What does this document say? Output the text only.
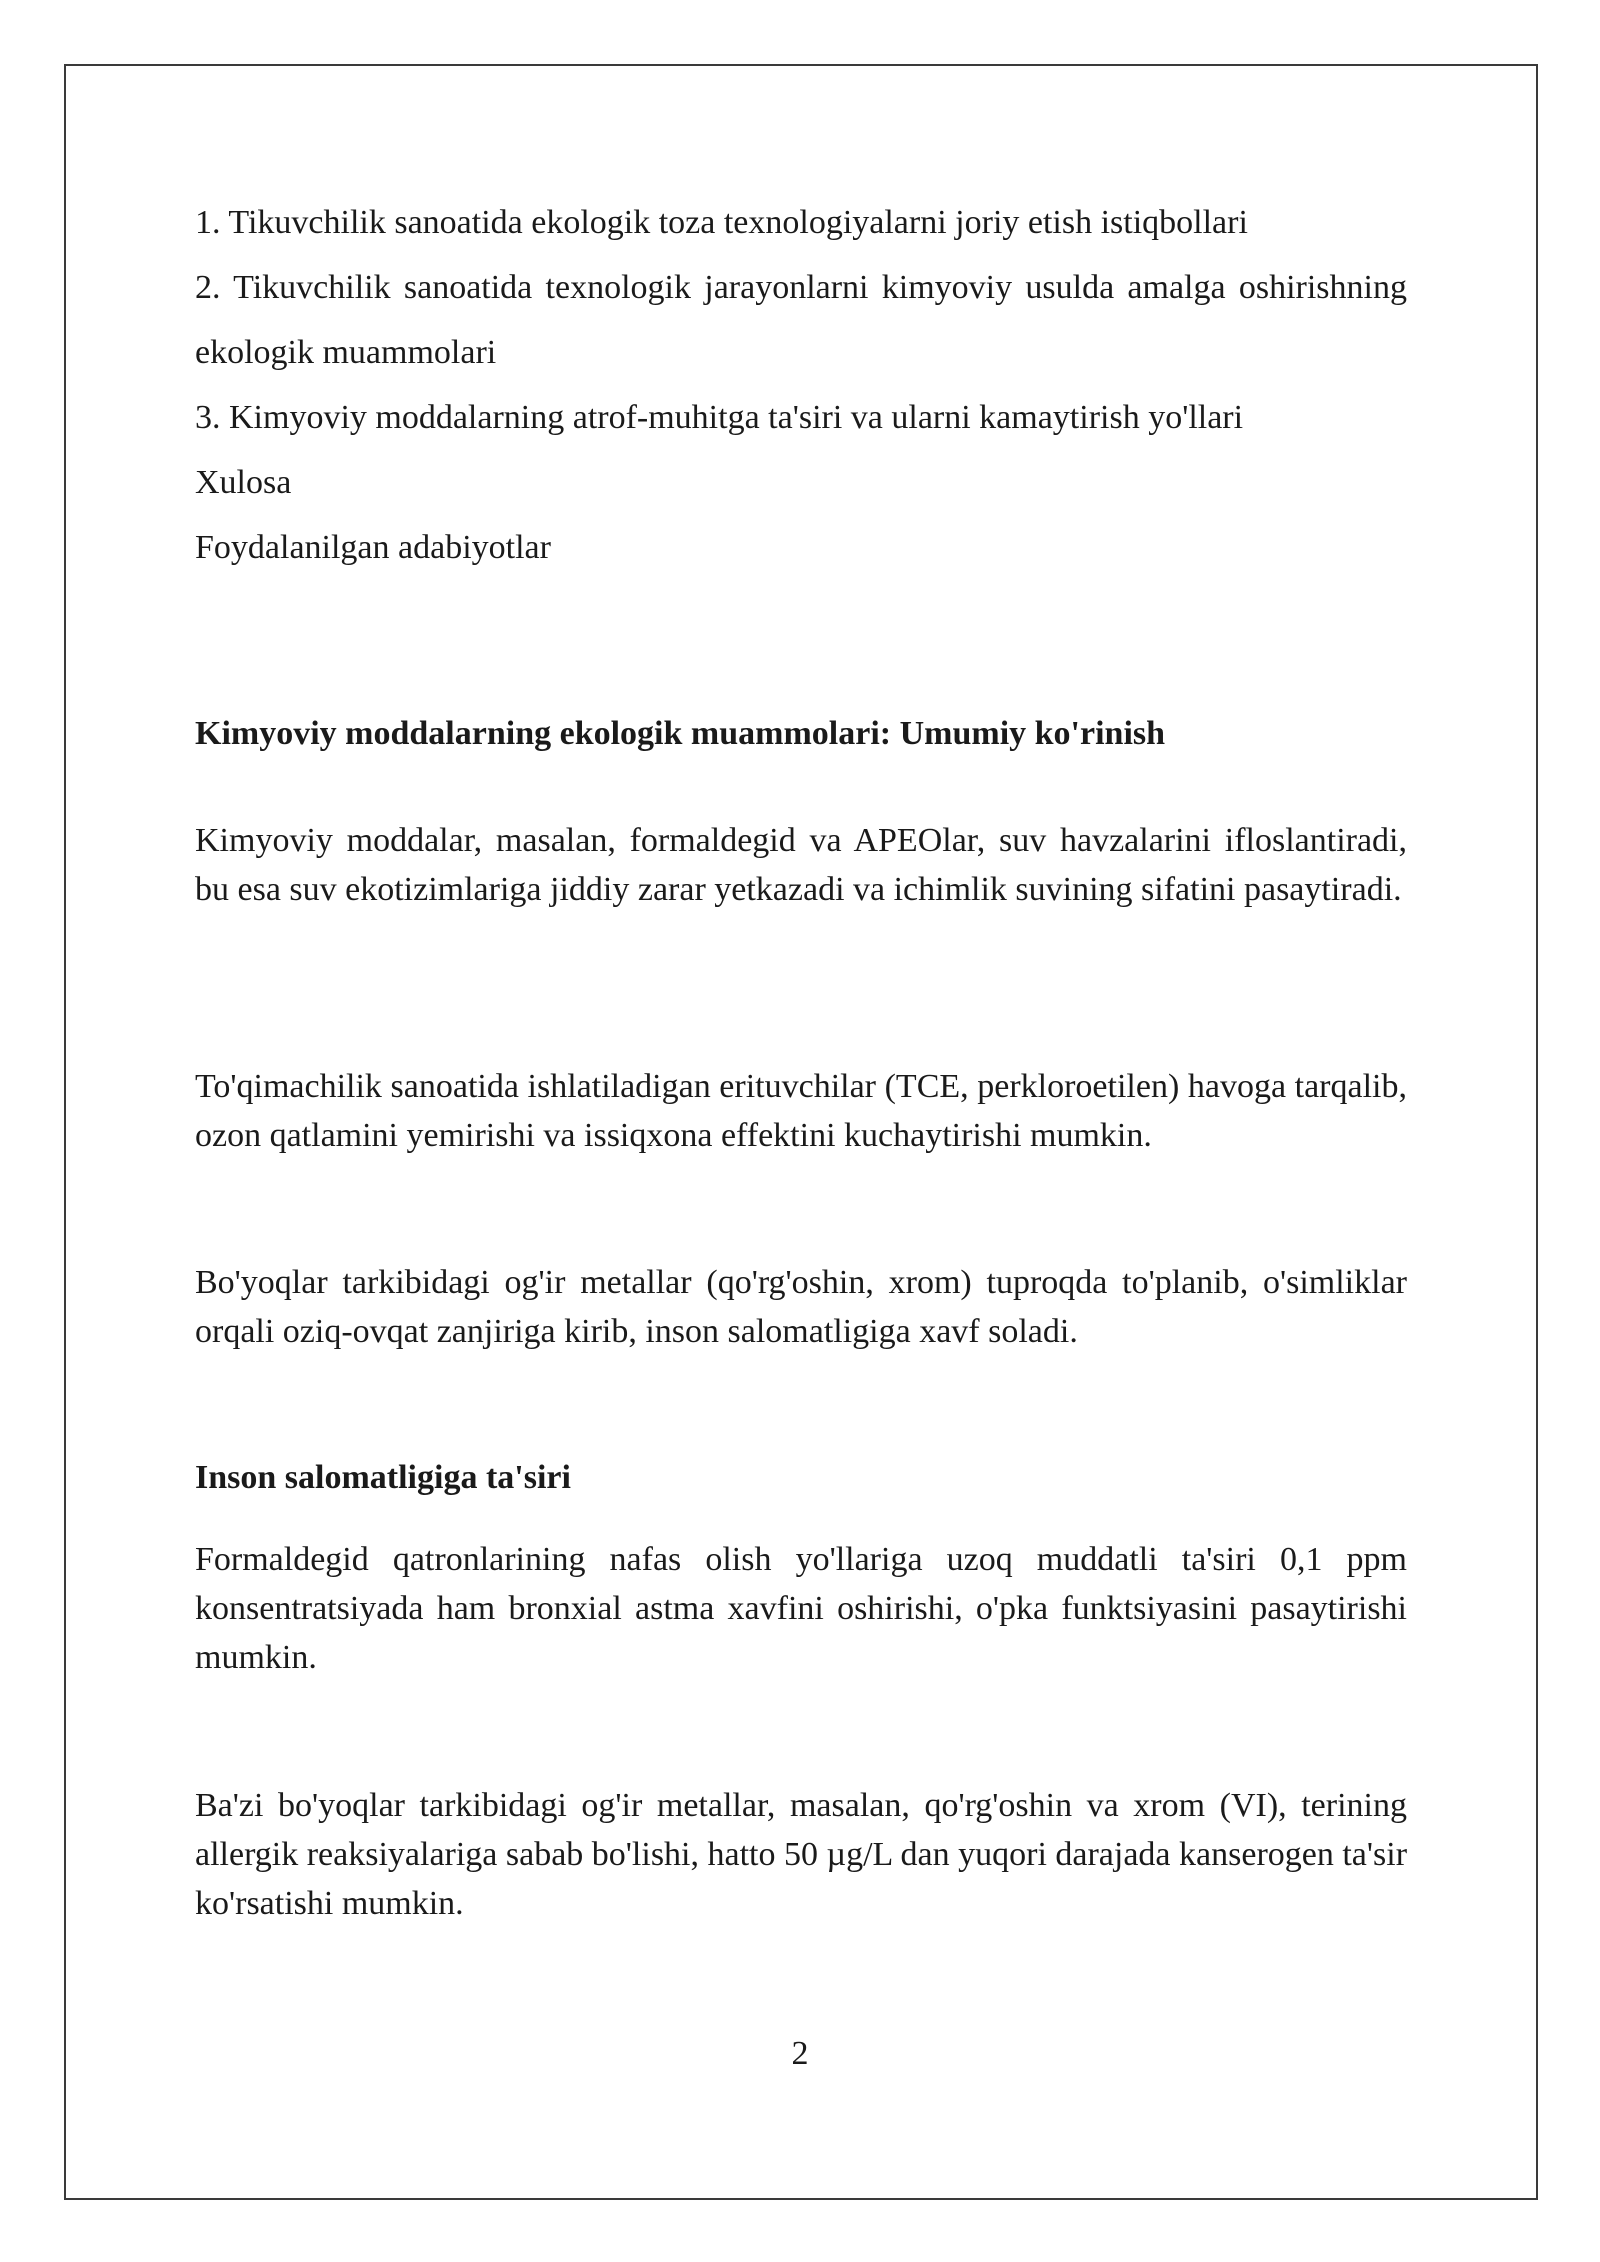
1. Tikuvchilik sanoatida ekologik toza texnologiyalarni joriy etish istiqbollari
2. Tikuvchilik sanoatida texnologik jarayonlarni kimyoviy usulda amalga oshirishning ekologik muammolari
3. Kimyoviy moddalarning atrof-muhitga ta'siri va ularni kamaytirish yo'llari
Xulosa
Foydalanilgan adabiyotlar
Kimyoviy moddalarning ekologik muammolari: Umumiy ko'rinish
Kimyoviy moddalar, masalan, formaldegid va APEOlar, suv havzalarini ifloslantiradi, bu esa suv ekotizimlariga jiddiy zarar yetkazadi va ichimlik suvining sifatini pasaytiradi.
To'qimachilik sanoatida ishlatiladigan erituvchilar (TCE, perkloroetilen) havoga tarqalib, ozon qatlamini yemirishi va issiqxona effektini kuchaytirishi mumkin.
Bo'yoqlar tarkibidagi og'ir metallar (qo'rg'oshin, xrom) tuproqda to'planib, o'simliklar orqali oziq-ovqat zanjiriga kirib, inson salomatligiga xavf soladi.
Inson salomatligiga ta'siri
Formaldegid qatronlarining nafas olish yo'llariga uzoq muddatli ta'siri 0,1 ppm konsentratsiyada ham bronxial astma xavfini oshirishi, o'pka funktsiyasini pasaytirishi mumkin.
Ba'zi bo'yoqlar tarkibidagi og'ir metallar, masalan, qo'rg'oshin va xrom (VI), terining allergik reaksiyalariga sabab bo'lishi, hatto 50 µg/L dan yuqori darajada kanserogen ta'sir ko'rsatishi mumkin.
2
